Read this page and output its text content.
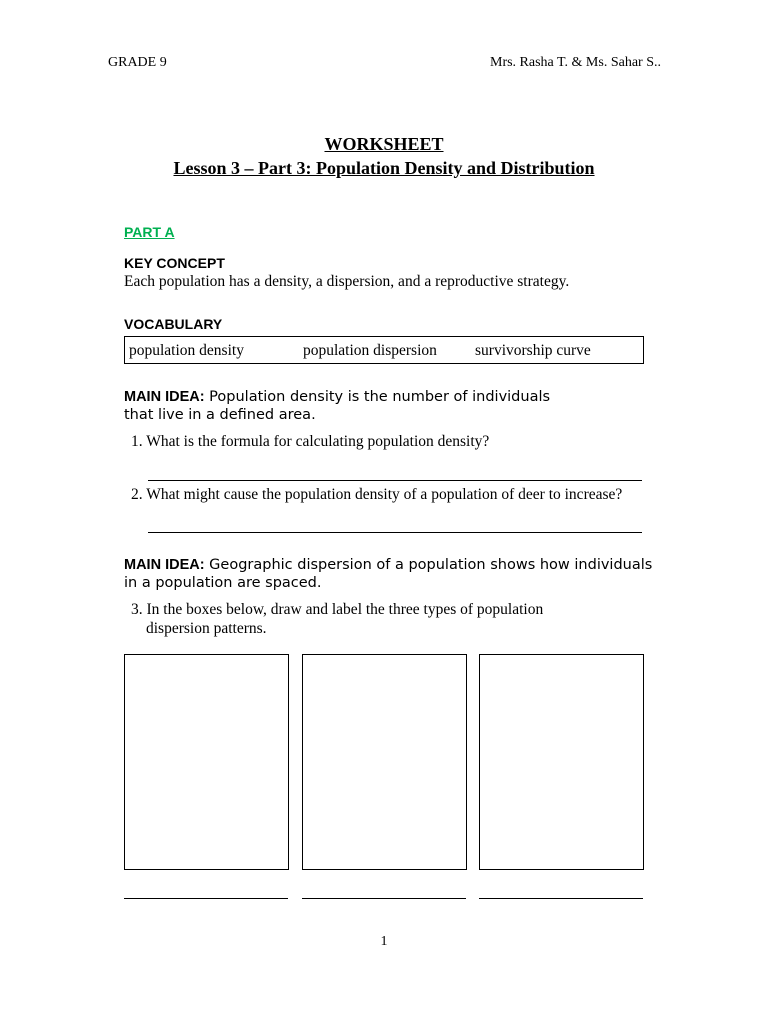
GRADE 9	Mrs. Rasha T. & Ms. Sahar S..
WORKSHEET
Lesson 3 – Part 3: Population Density and Distribution
PART A
KEY CONCEPT
Each population has a density, a dispersion, and a reproductive strategy.
VOCABULARY
population density	population dispersion survivorship curve
MAIN IDEA: Population density is the number of individuals that live in a defined area.
1. What is the formula for calculating population density?
2. What might cause the population density of a population of deer to increase?
MAIN IDEA: Geographic dispersion of a population shows how individuals in a population are spaced.
3. In the boxes below, draw and label the three types of population
dispersion patterns.
1
